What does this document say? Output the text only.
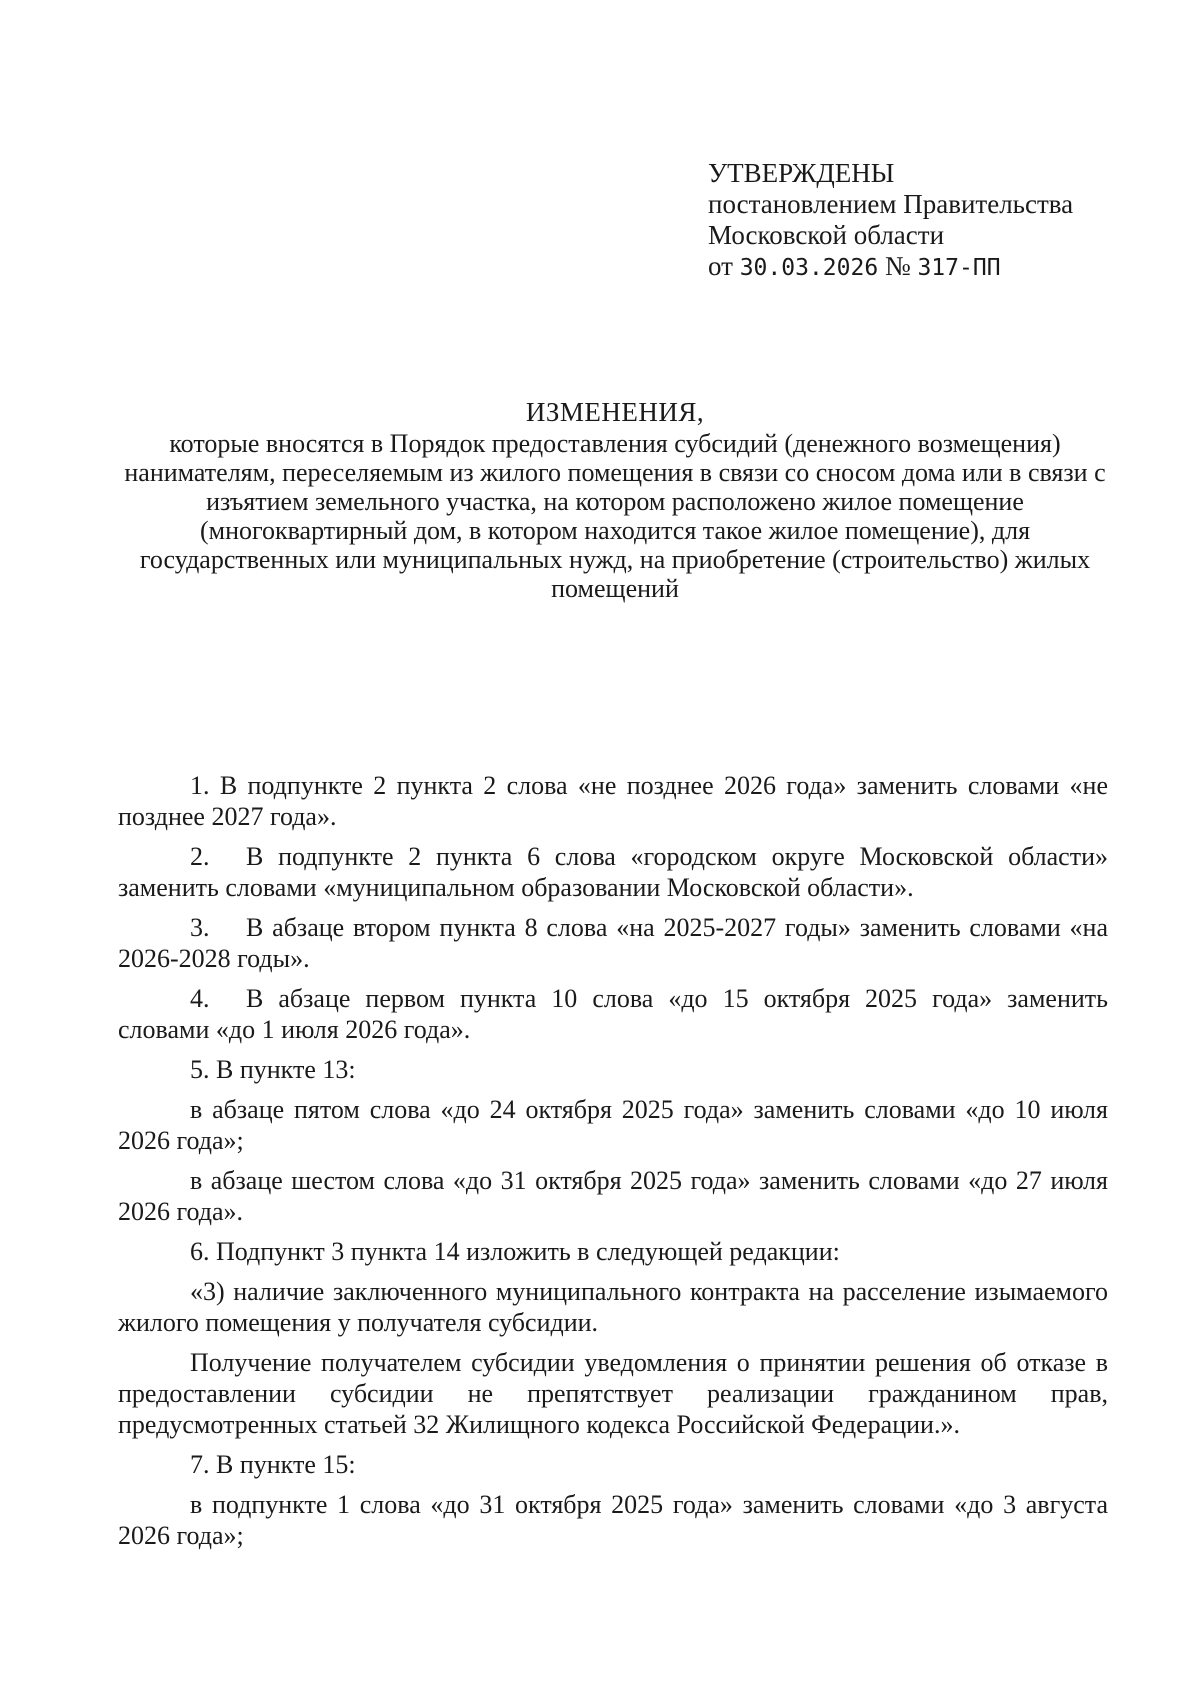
УТВЕРЖДЕНЫ
постановлением Правительства
Московской области
от 30.03.2026 № 317-ПП
ИЗМЕНЕНИЯ,
которые вносятся в Порядок предоставления субсидий (денежного возмещения) нанимателям, переселяемым из жилого помещения в связи со сносом дома или в связи с изъятием земельного участка, на котором расположено жилое помещение (многоквартирный дом, в котором находится такое жилое помещение), для государственных или муниципальных нужд, на приобретение (строительство) жилых помещений

1. В подпункте 2 пункта 2 слова «не позднее 2026 года» заменить словами «не позднее 2027 года».

2. В подпункте 2 пункта 6 слова «городском округе Московской области» заменить словами «муниципальном образовании Московской области».

3. В абзаце втором пункта 8 слова «на 2025-2027 годы» заменить словами «на 2026-2028 годы».

4. В абзаце первом пункта 10 слова «до 15 октября 2025 года» заменить словами «до 1 июля 2026 года».

5. В пункте 13:

в абзаце пятом слова «до 24 октября 2025 года» заменить словами «до 10 июля 2026 года»;

в абзаце шестом слова «до 31 октября 2025 года» заменить словами «до 27 июля 2026 года».

6. Подпункт 3 пункта 14 изложить в следующей редакции:

«3) наличие заключенного муниципального контракта на расселение изымаемого жилого помещения у получателя субсидии.

Получение получателем субсидии уведомления о принятии решения об отказе в предоставлении субсидии не препятствует реализации гражданином прав, предусмотренных статьей 32 Жилищного кодекса Российской Федерации.».

7. В пункте 15:

в подпункте 1 слова «до 31 октября 2025 года» заменить словами «до 3 августа 2026 года»;
